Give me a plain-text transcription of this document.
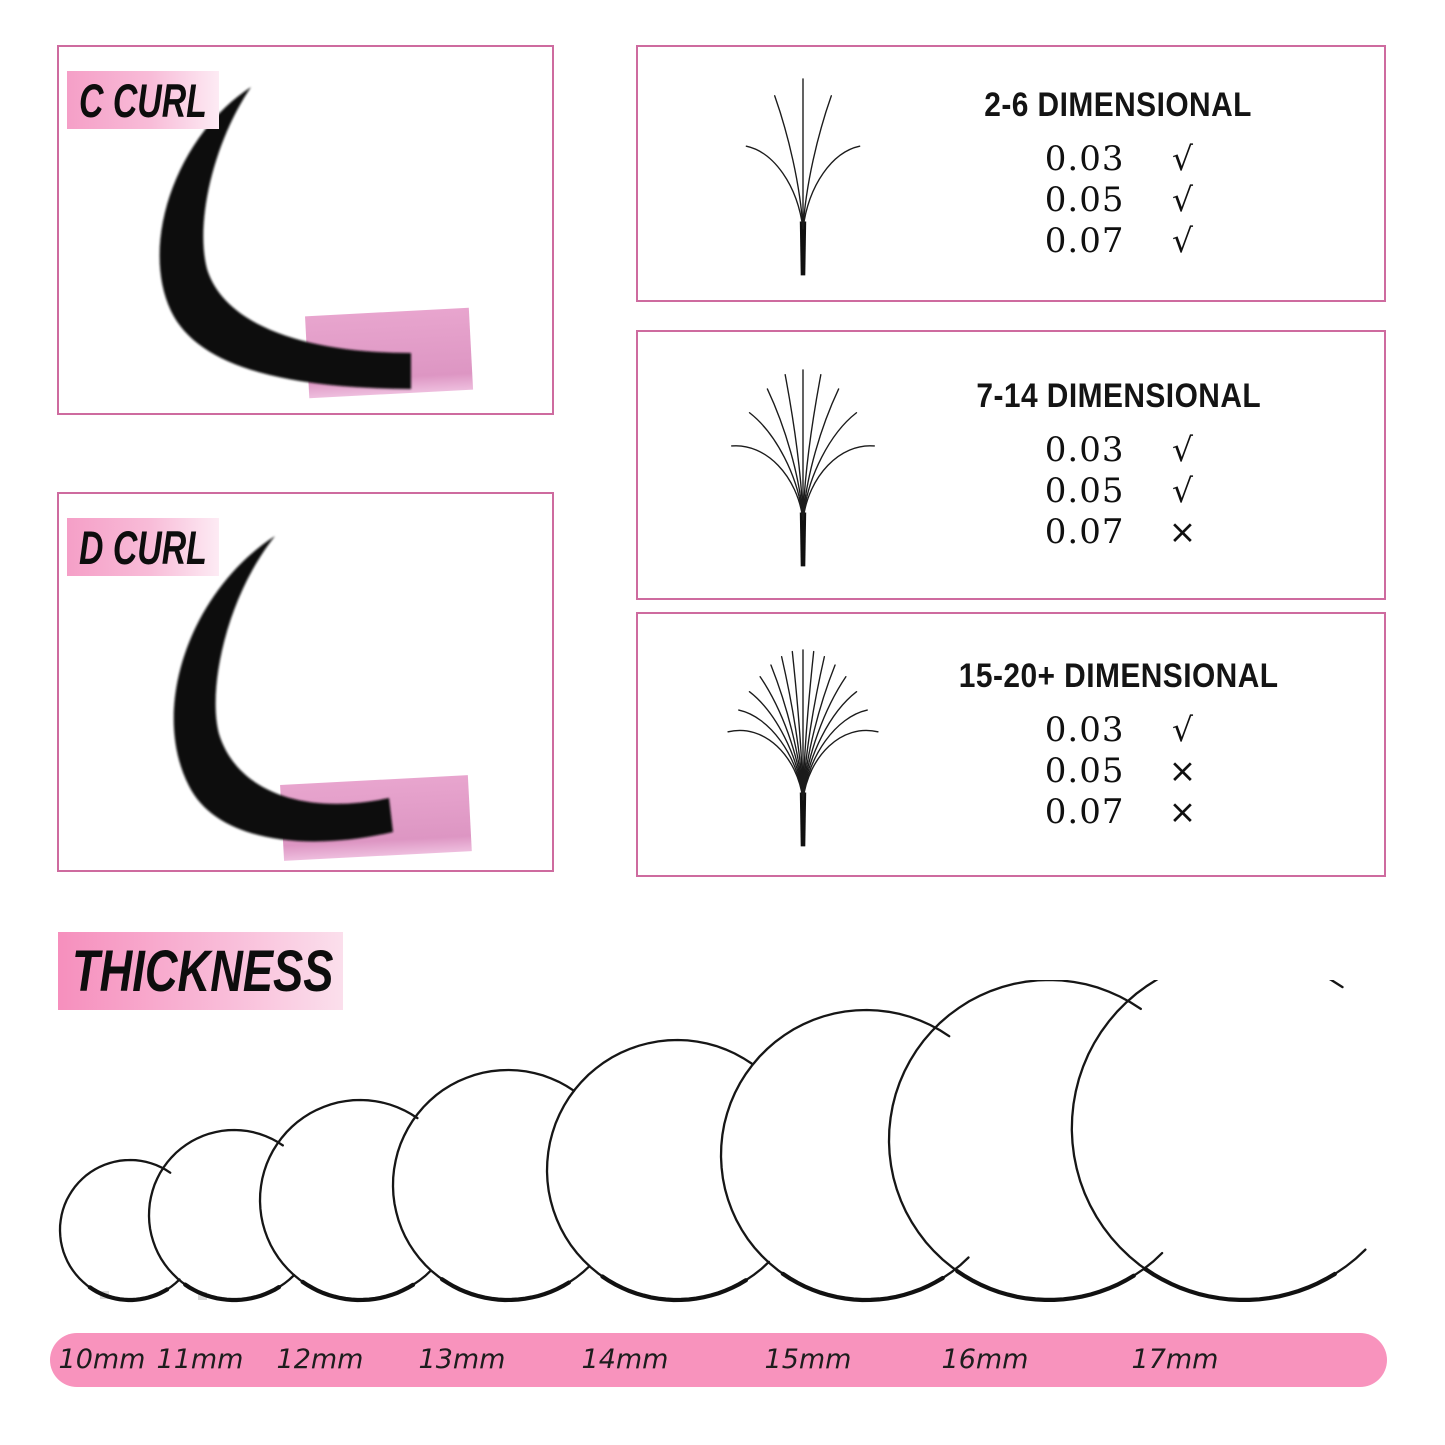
C CURL
D CURL
2-6 DIMENSIONAL
0.03	√
0.05	√
0.07	√
7-14 DIMENSIONAL
0.03	√
0.05	√
0.07	×
15-20+ DIMENSIONAL
0.03	√
0.05	×
0.07	×
THICKNESS
10mm 11mm 12mm 13mm	14mm	15mm	16mm	17mm
